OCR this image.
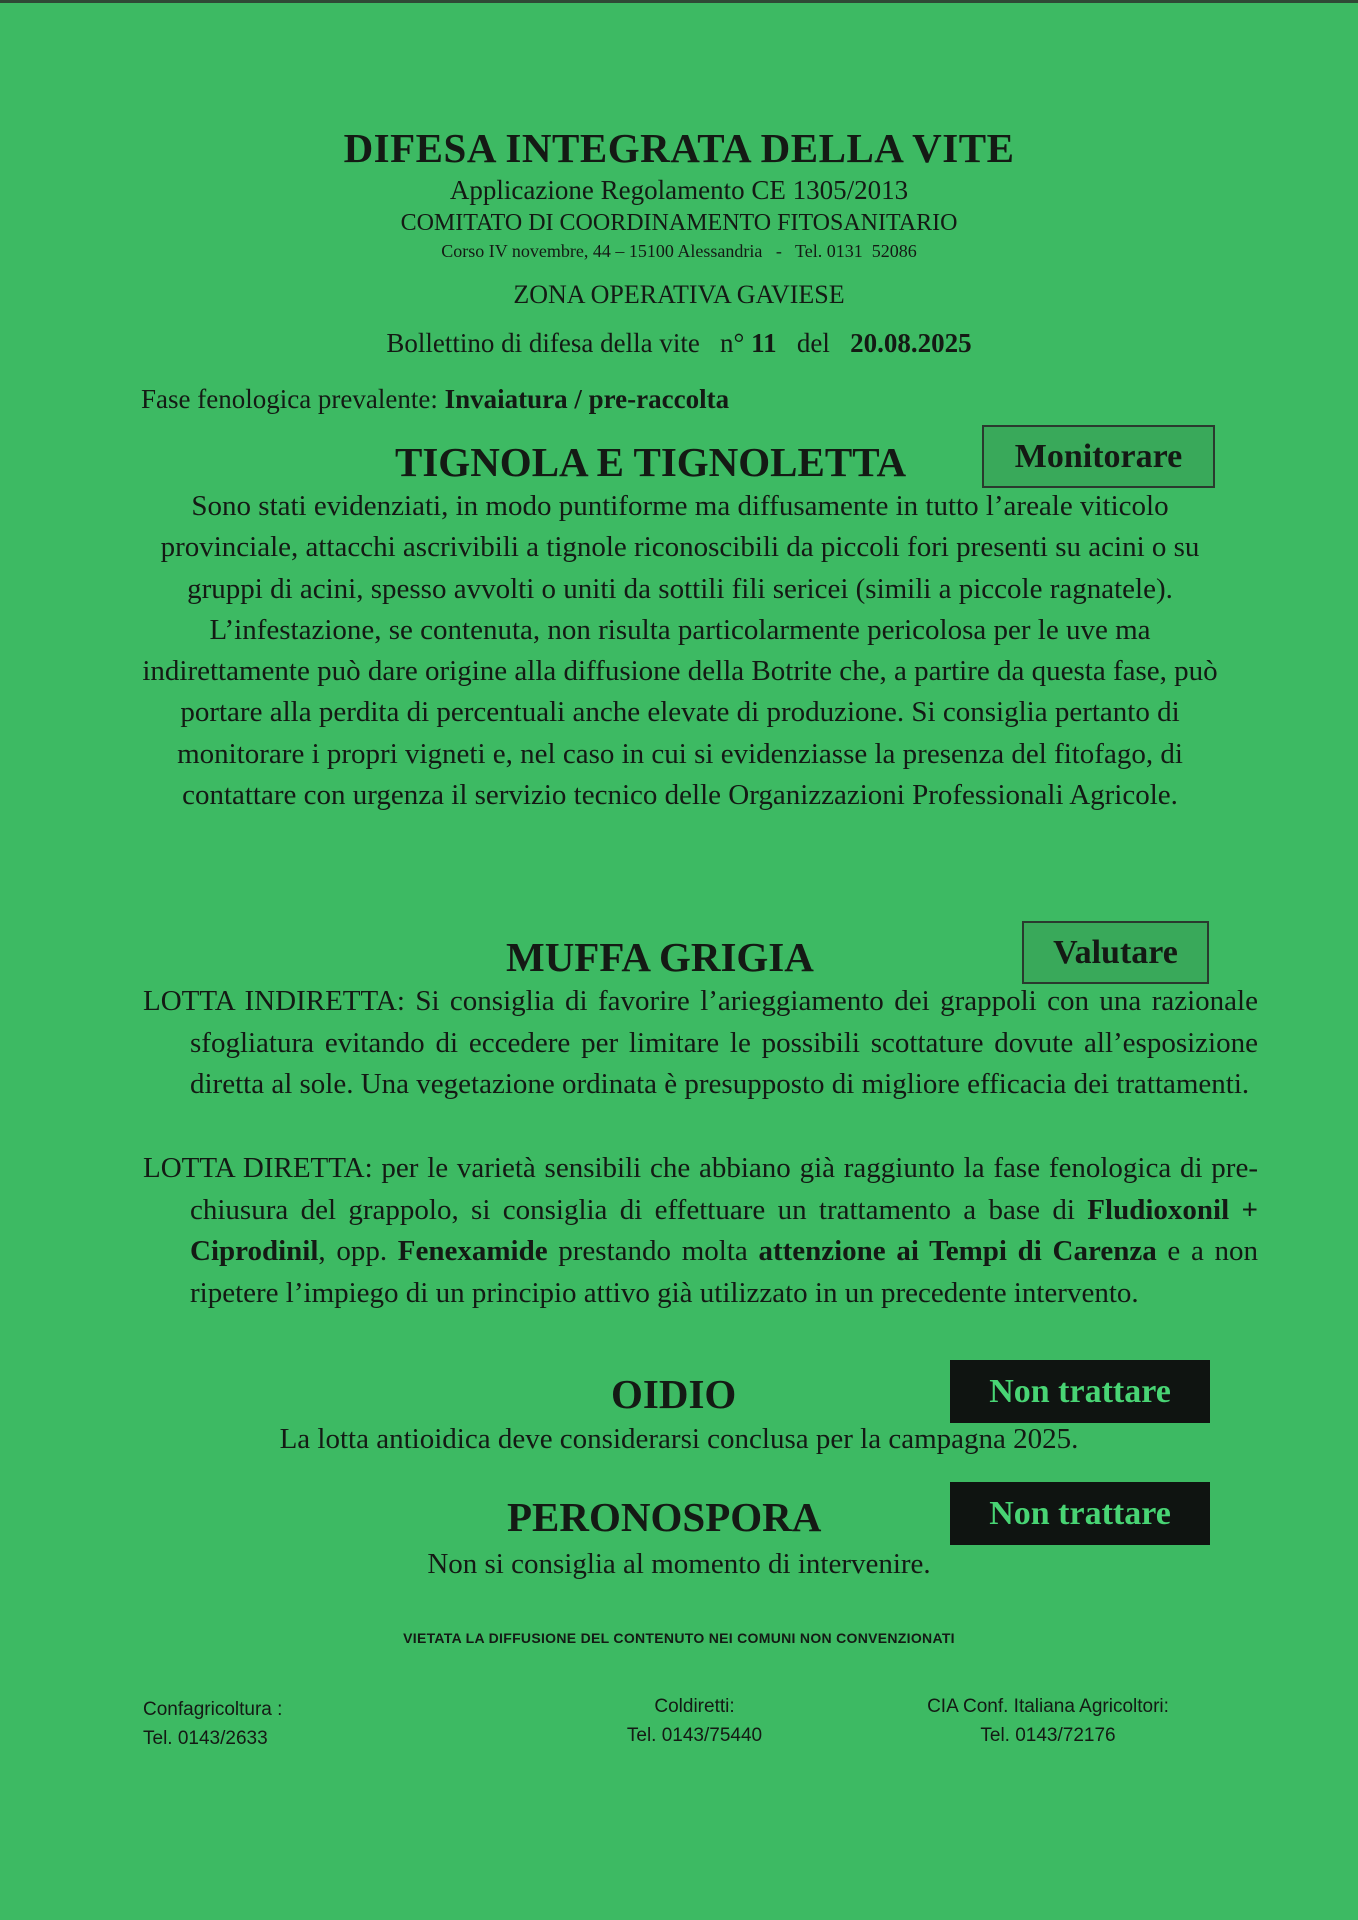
DIFESA INTEGRATA DELLA VITE
Applicazione Regolamento CE 1305/2013
COMITATO DI COORDINAMENTO FITOSANITARIO
Corso IV novembre, 44 – 15100 Alessandria   -   Tel. 0131  52086
ZONA OPERATIVA GAVIESE
Bollettino di difesa della vite   n° 11 del 20.08.2025
Fase fenologica prevalente: Invaiatura / pre-raccolta
TIGNOLA E TIGNOLETTA	Monitorare
Sono stati evidenziati, in modo puntiforme ma diffusamente in tutto l’areale viticolo provinciale, attacchi ascrivibili a tignole riconoscibili da piccoli fori presenti su acini o su gruppi di acini, spesso avvolti o uniti da sottili fili sericei (simili a piccole ragnatele). L’infestazione, se contenuta, non risulta particolarmente pericolosa per le uve ma indirettamente può dare origine alla diffusione della Botrite che, a partire da questa fase, può portare alla perdita di percentuali anche elevate di produzione. Si consiglia pertanto di monitorare i propri vigneti e, nel caso in cui si evidenziasse la presenza del fitofago, di contattare con urgenza il servizio tecnico delle Organizzazioni Professionali Agricole.
MUFFA GRIGIA	Valutare
LOTTA INDIRETTA: Si consiglia di favorire l’arieggiamento dei grappoli con una razionale sfogliatura evitando di eccedere per limitare le possibili scottature dovute all’esposizione diretta al sole. Una vegetazione ordinata è presupposto di migliore efficacia dei trattamenti.
LOTTA DIRETTA: per le varietà sensibili che abbiano già raggiunto la fase fenologica di pre-chiusura del grappolo, si consiglia di effettuare un trattamento a base di Fludioxonil + Ciprodinil, opp. Fenexamide prestando molta attenzione ai Tempi di Carenza e a non ripetere l’impiego di un principio attivo già utilizzato in un precedente intervento.
OIDIO	Non trattare
La lotta antioidica deve considerarsi conclusa per la campagna 2025.
PERONOSPORA	Non trattare
Non si consiglia al momento di intervenire.
VIETATA LA DIFFUSIONE DEL CONTENUTO NEI COMUNI NON CONVENZIONATI
Confagricoltura :
Tel. 0143/2633
Coldiretti:
Tel. 0143/75440
CIA Conf. Italiana Agricoltori:
Tel. 0143/72176
